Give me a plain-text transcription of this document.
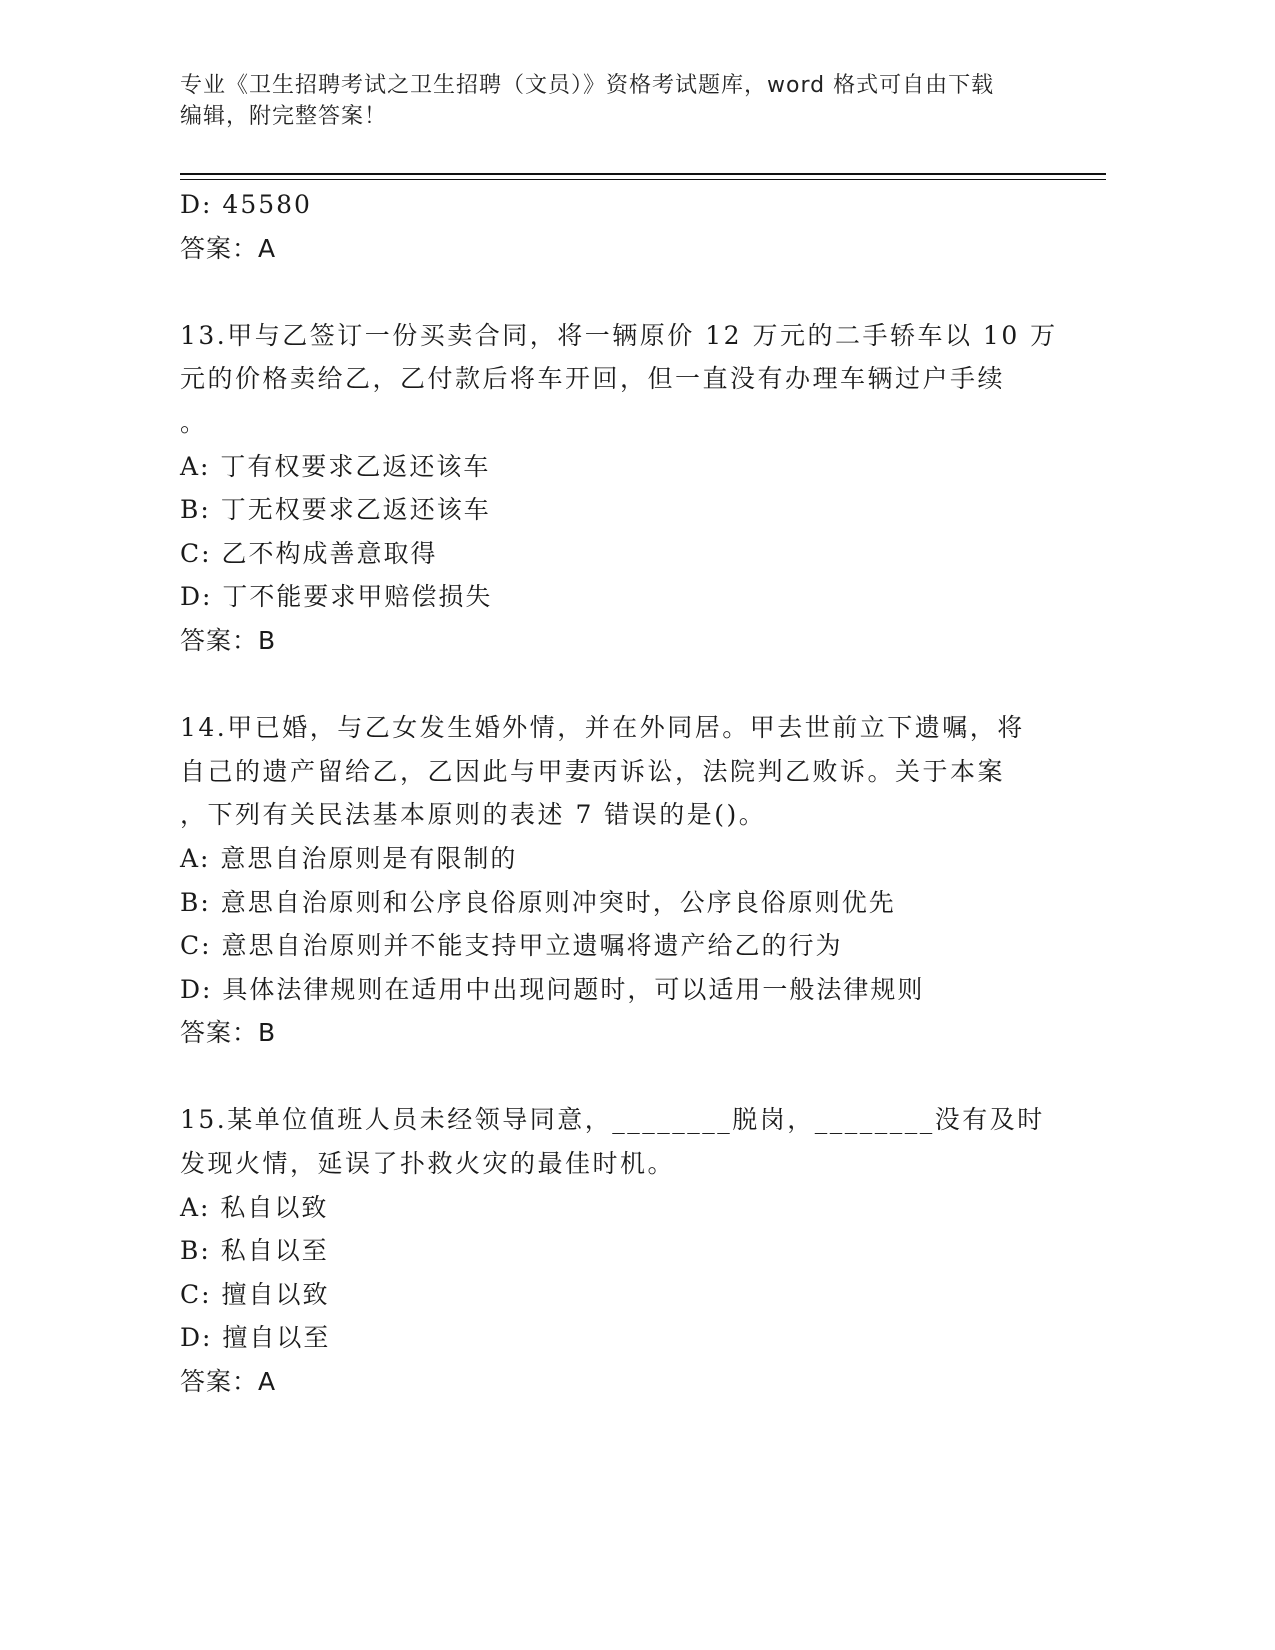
专业《卫生招聘考试之卫生招聘（文员）》资格考试题库，word 格式可自由下载
编辑，附完整答案！
D: 45580
答案：A
13.甲与乙签订一份买卖合同，将一辆原价 12 万元的二手轿车以 10 万
元的价格卖给乙，乙付款后将车开回，但一直没有办理车辆过户手续
。
A: 丁有权要求乙返还该车
B: 丁无权要求乙返还该车
C: 乙不构成善意取得
D: 丁不能要求甲赔偿损失
答案：B
14.甲已婚，与乙女发生婚外情，并在外同居。甲去世前立下遗嘱，将
自己的遗产留给乙，乙因此与甲妻丙诉讼，法院判乙败诉。关于本案
，下列有关民法基本原则的表述 7 错误的是()。
A: 意思自治原则是有限制的
B: 意思自治原则和公序良俗原则冲突时，公序良俗原则优先
C: 意思自治原则并不能支持甲立遗嘱将遗产给乙的行为
D: 具体法律规则在适用中出现问题时，可以适用一般法律规则
答案：B
15.某单位值班人员未经领导同意，________脱岗，________没有及时
发现火情，延误了扑救火灾的最佳时机。
A: 私自以致
B: 私自以至
C: 擅自以致
D: 擅自以至
答案：A
